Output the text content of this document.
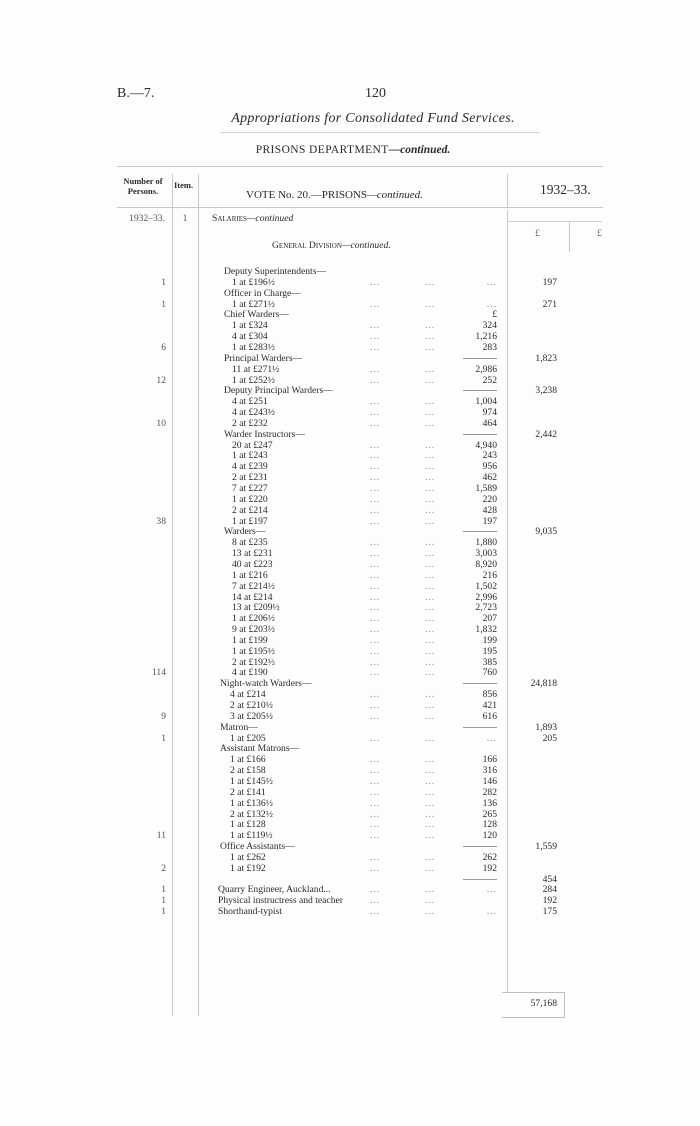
B.—7.	120
Appropriations for Consolidated Fund Services.
PRISONS DEPARTMENT—continued.
Number of Persons.
Item.
VOTE No. 20.—PRISONS—continued.	1932–33.
1932–33.
£	£
1	Salaries—continued
General Division—continued.
Deputy Superintendents—
1	1 at £196½	...	...	...	197
Officer in Charge—
1	1 at £271½	...	...	...	271
Chief Warders—	£
1 at £324	...	...	324
4 at £304	...	...	1,216
6	1 at £283½	...	...	283
Principal Warders—	1,823
11 at £271½	...	...	2,986
12	1 at £252½	...	...	252
Deputy Principal Warders—	3,238
4 at £251	...	...	1,004
4 at £243½	...	...	974
10	2 at £232	...	...	464
Warder Instructors—	2,442
20 at £247	...	...	4,940
1 at £243	...	...	243
4 at £239	...	...	956
2 at £231	...	...	462
7 at £227	...	...	1,589
1 at £220	...	...	220
2 at £214	...	...	428
38	1 at £197	...	...	197
Warders—	9,035
8 at £235	...	...	1,880
13 at £231	...	...	3,003
40 at £223	...	...	8,920
1 at £216	...	...	216
7 at £214½	...	...	1,502
14 at £214	...	...	2,996
13 at £209½	...	...	2,723
1 at £206½	...	...	207
9 at £203½	...	...	1,832
1 at £199	...	...	199
1 at £195½	...	...	195
2 at £192½	...	...	385
114	4 at £190	...	...	760
Night-watch Warders—	24,818
4 at £214	...	...	856
2 at £210½	...	...	421
9	3 at £205½	...	...	616
Matron—	1,893
1	1 at £205	...	...	...	205
Assistant Matrons—
1 at £166	...	...	166
2 at £158	...	...	316
1 at £145½	...	...	146
2 at £141	...	...	282
1 at £136½	...	...	136
2 at £132½	...	...	265
1 at £128	...	...	128
11	1 at £119½	...	...	120
Office Assistants—	1,559
1 at £262	...	...	262
2	1 at £192	...	...	192
454
1	Quarry Engineer, Auckland...	...	...	...	284
1	Physical instructress and teacher	...	...	192
1	Shorthand-typist	...	...	...	175
57,168
